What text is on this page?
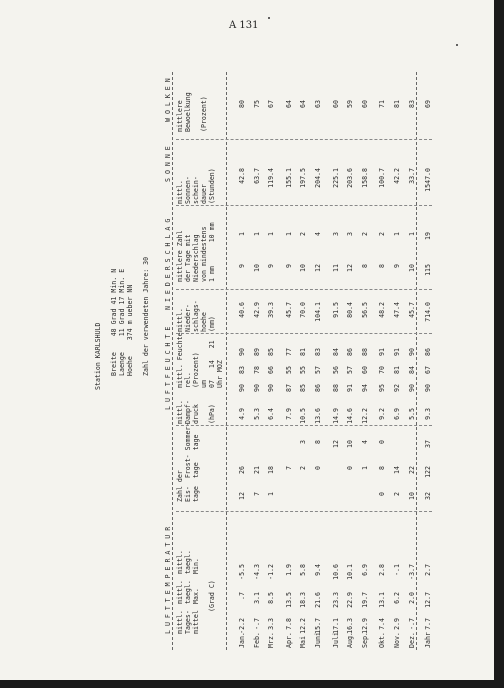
A 131
Station KARLSHULD Breite    48 Grad 41 Min. N Laenge    11 Grad 17 Min. E Hoehe    374 m ueber NN Zahl der verwendeten Jahre: 30
L U F T T E M P E R A T U R
L U F T F E U C H T E
N I E D E R S C H L A G
S O N N E
W O L K E N
mittl. Tages- mittel
mittl. taegl. Max.
mittl. taegl. Min.
Zahl der Eis-  Frost- Sommer- tage  tage   tage
mittl. Dampf- druck (hPa)
mittl. Feuchte rel. (Prozent) um 07   14   21 Uhr MOZ
mittl. Nieder- schlags- hoehe (mm)
mittlere Zahl der Tage mit Niederschlag von mindestens 1 mm      10 mm
mittl. Sonnen- schein- dauer (Stunden)
mittlere Bewoelkung (Prozent)
(Grad C)
Jan.
-2.2
.7
-5.5
12
26
4.9
90
83
90
40.6
9
1
42.8
80
Feb.
-.7
3.1
-4.3
7
21
5.3
90
78
89
42.9
10
1
63.7
75
Mrz.
3.3
8.5
-1.2
1
18
6.4
90
66
85
39.3
9
1
119.4
67
Apr.
7.8
13.5
1.9
7
7.9
87
55
77
45.7
9
1
155.1
64
Mai
12.2
18.3
5.8
2
3
10.5
85
55
81
70.0
10
2
197.5
64
Juni
15.7
21.6
9.4
0
8
13.6
86
57
83
104.1
12
4
204.4
63
Juli
17.1
23.3
10.6
12
14.9
88
56
84
91.5
11
3
225.1
60
Aug.
16.3
22.9
10.1
0
10
14.6
91
57
86
80.4
12
3
203.6
59
Sep.
12.9
19.7
6.9
1
4
12.2
94
60
88
56.5
8
2
158.8
60
Okt.
7.4
13.1
2.8
0
8
0
9.2
95
70
91
48.2
8
2
100.7
71
Nov.
2.9
6.2
-.1
2
14
6.9
92
81
91
47.4
9
1
42.2
81
Dez.
-.7
2.0
-3.7
10
22
5.5
90
84
90
45.7
10
1
33.7
83
Jahr
7.7
12.7
2.7
32
122
37
9.3
90
67
86
714.0
115
19
1547.0
69
